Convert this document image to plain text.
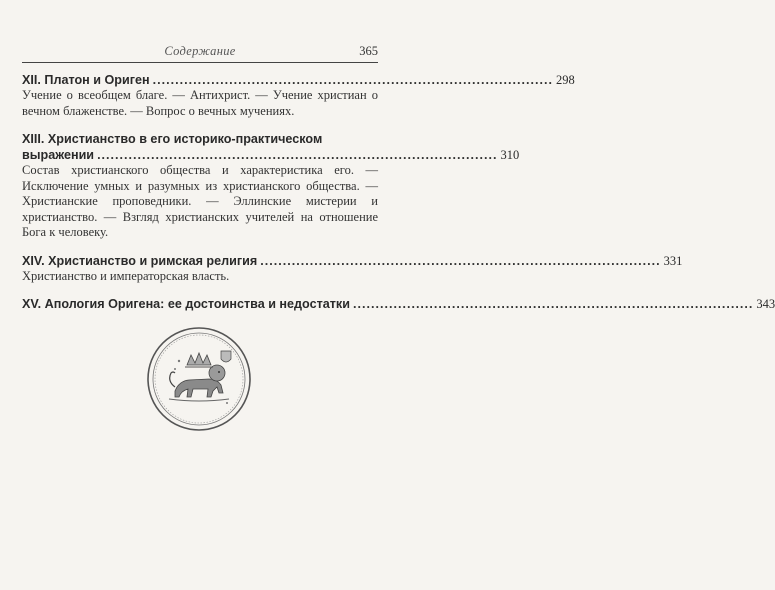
Содержание	365
XII. Платон и Ориген ......................................................................................... 298
Учение о всеобщем благе. — Антихрист. — Учение христиан о вечном блаженстве. — Вопрос о вечных мучениях.
XIII. Христианство в его историко-практическом
выражении ......................................................................................... 310
Состав христианского общества и характеристика его. — Исключение умных и разумных из христианского общества. — Христианские проповедники. — Эллинские мистерии и христианство. — Взгляд христианских учителей на отношение Бога к человеку.
XIV. Христианство и римская религия ......................................................................................... 331
Христианство и императорская власть.
XV. Апология Оригена: ее достоинства и недостатки ......................................................................................... 343
